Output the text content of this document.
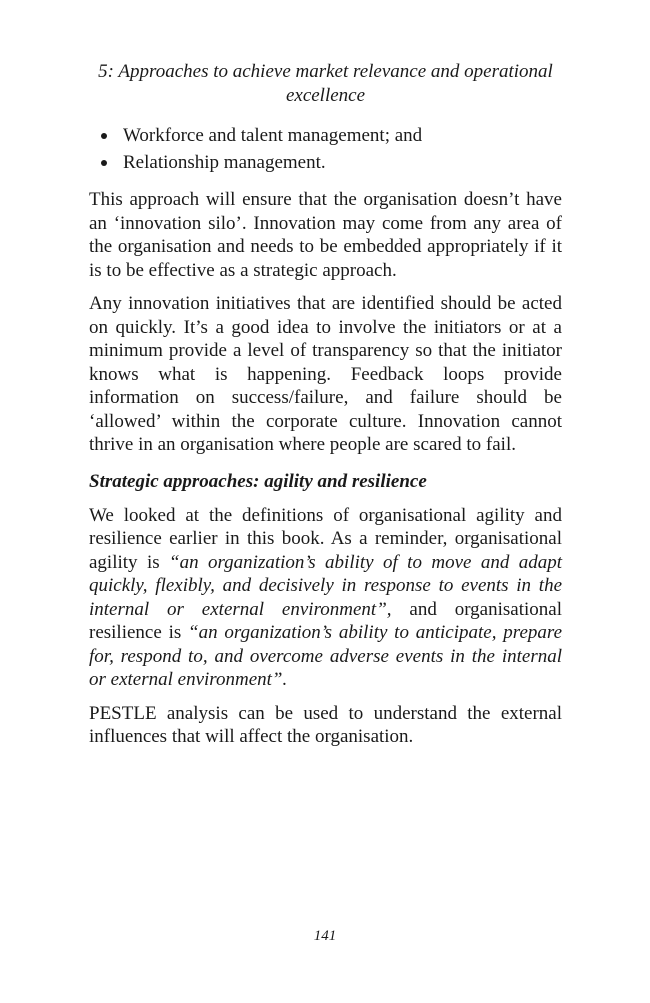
5: Approaches to achieve market relevance and operational excellence

Workforce and talent management; and
Relationship management.

This approach will ensure that the organisation doesn’t have an ‘innovation silo’. Innovation may come from any area of the organisation and needs to be embedded appropriately if it is to be effective as a strategic approach.

Any innovation initiatives that are identified should be acted on quickly. It’s a good idea to involve the initiators or at a minimum provide a level of transparency so that the initiator knows what is happening. Feedback loops provide information on success/failure, and failure should be ‘allowed’ within the corporate culture. Innovation cannot thrive in an organisation where people are scared to fail.

Strategic approaches: agility and resilience

We looked at the definitions of organisational agility and resilience earlier in this book. As a reminder, organisational agility is “an organization’s ability of to move and adapt quickly, flexibly, and decisively in response to events in the internal or external environment”, and organisational resilience is “an organization’s ability to anticipate, prepare for, respond to, and overcome adverse events in the internal or external environment”.

PESTLE analysis can be used to understand the external influences that will affect the organisation.

141
